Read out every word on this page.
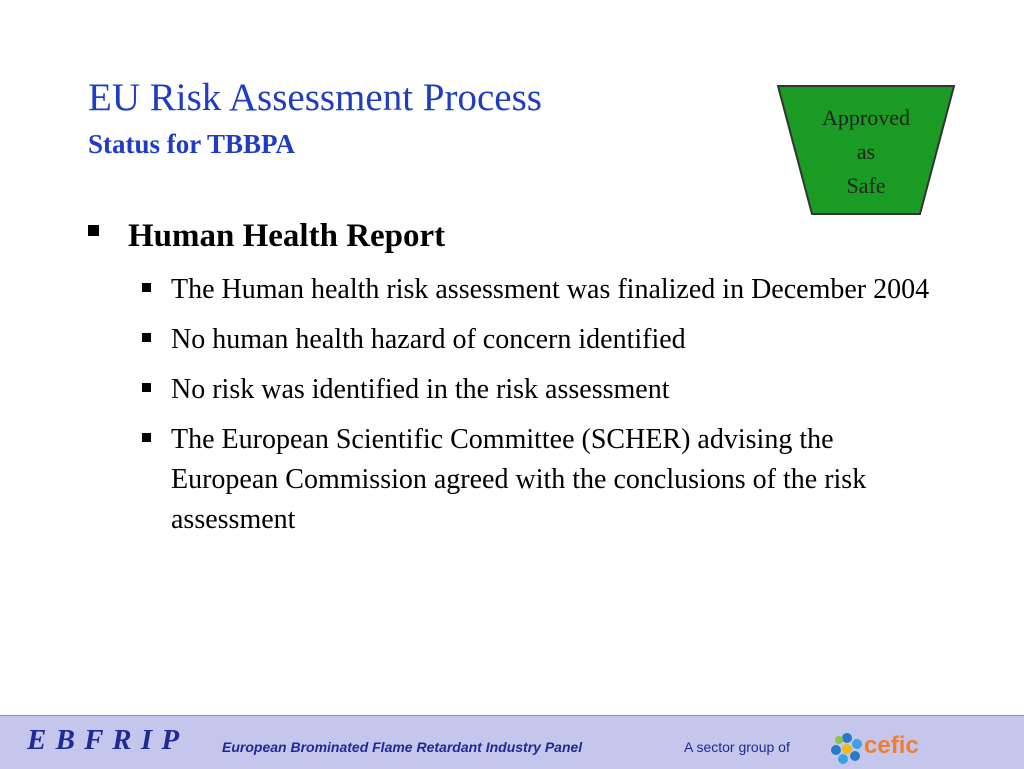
EU Risk Assessment Process
Status for TBBPA
Approved
as
Safe
Human Health Report
The Human health risk assessment was finalized in December 2004
No human health hazard of concern identified
No risk was identified in the risk assessment
The European Scientific Committee (SCHER) advising the European Commission agreed with the conclusions of the risk assessment
E B F R I P	European Brominated Flame Retardant Industry Panel	A sector group of	cefic
